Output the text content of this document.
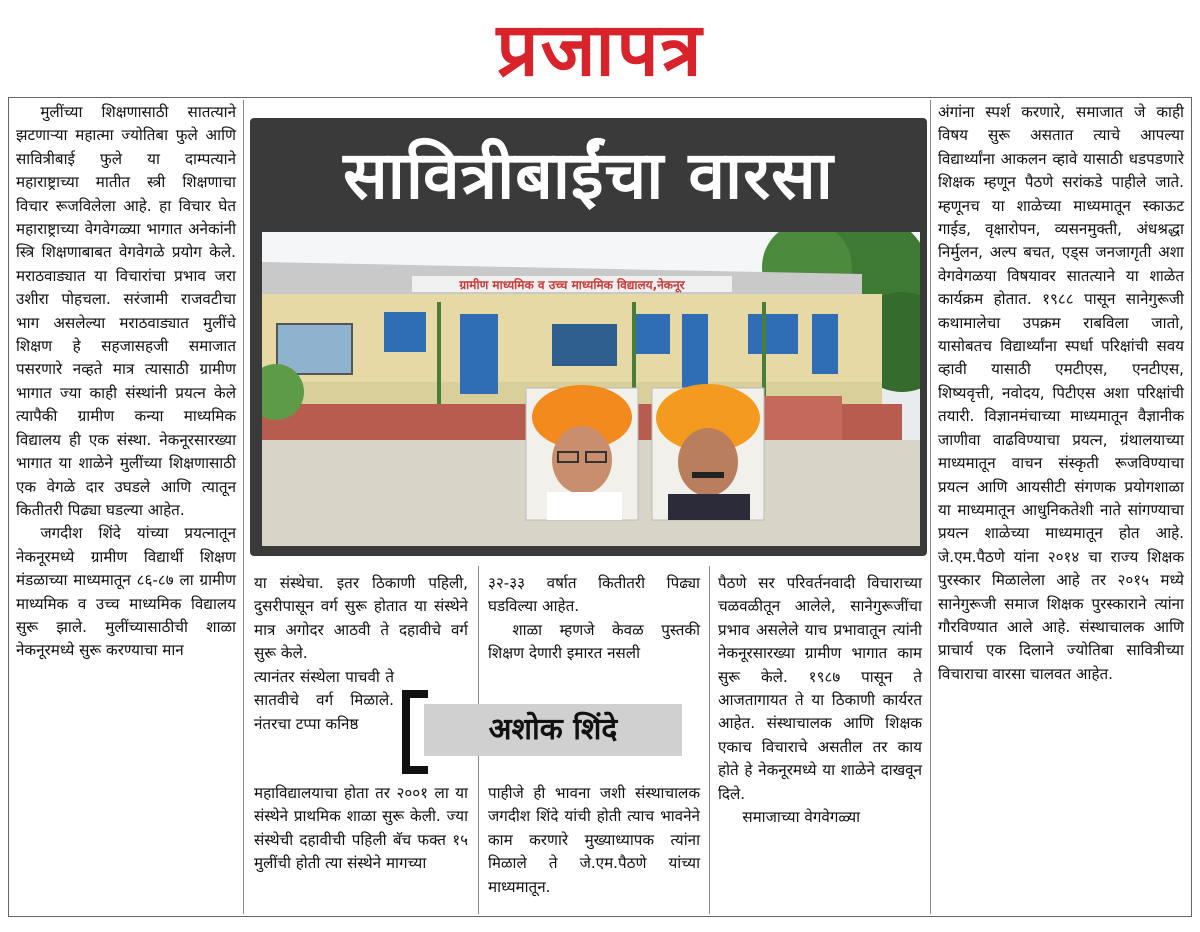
प्रजापत्र

मुलींच्या शिक्षणासाठी सातत्याने झटणाऱ्या महात्मा ज्योतिबा फुले आणि सावित्रीबाई फुले या दाम्पत्याने महाराष्ट्राच्या मातीत स्त्री शिक्षणाचा विचार रूजविलेला आहे. हा विचार घेत महाराष्ट्राच्या वेगवेगळ्या भागात अनेकांनी स्त्रि शिक्षणाबाबत वेगवेगळे प्रयोग केले. मराठवाड्यात या विचारांचा प्रभाव जरा उशीरा पोहचला. सरंजामी राजवटीचा भाग असलेल्या मराठवाड्यात मुलींचे शिक्षण हे सहजासहजी समाजात पसरणारे नव्हते मात्र त्यासाठी ग्रामीण भागात ज्या काही संस्थांनी प्रयत्न केले त्यापैकी ग्रामीण कन्या माध्यमिक विद्यालय ही एक संस्था. नेकनूरसारख्या भागात या शाळेने मुलींच्या शिक्षणासाठी एक वेगळे दार उघडले आणि त्यातून कितीतरी पिढ्या घडल्या आहेत.

जगदीश शिंदे यांच्या प्रयत्नातून नेकनूरमध्ये ग्रामीण विद्यार्थी शिक्षण मंडळाच्या माध्यमातून ८६-८७ ला ग्रामीण माध्यमिक व उच्च माध्यमिक विद्यालय सुरू झाले. मुलींच्यासाठीची शाळा नेकनूरमध्ये सुरू करण्याचा मान

सावित्रीबाईंचा वारसा
ग्रामीण माध्यमिक व उच्च माध्यमिक विद्यालय,नेकनूर

या संस्थेचा. इतर ठिकाणी पहिली, दुसरीपासून वर्ग सुरू होतात या संस्थेने मात्र अगोदर आठवी ते दहावीचे वर्ग सुरू केले.

त्यानंतर संस्थेला पाचवी ते सातवीचे वर्ग मिळाले. नंतरचा टप्पा कनिष्ठ

महाविद्यालयाचा होता तर २००१ ला या संस्थेने प्राथमिक शाळा सुरू केली. ज्या संस्थेची दहावीची पहिली बॅच फक्त १५ मुलींची होती त्या संस्थेने मागच्या

अशोक शिंदे

३२-३३ वर्षात कितीतरी पिढ्या घडविल्या आहेत.

शाळा म्हणजे केवळ पुस्तकी शिक्षण देणारी इमारत नसली

पाहीजे ही भावना जशी संस्थाचालक जगदीश शिंदे यांची होती त्याच भावनेने काम करणारे मुख्याध्यापक त्यांना मिळाले ते जे.एम.पैठणे यांच्या माध्यमातून.

पैठणे सर परिवर्तनवादी विचाराच्या चळवळीतून आलेले, सानेगुरूजींचा प्रभाव असलेले याच प्रभावातून त्यांनी नेकनूरसारख्या ग्रामीण भागात काम सुरू केले. १९८७ पासून ते आजतागायत ते या ठिकाणी कार्यरत आहेत. संस्थाचालक आणि शिक्षक एकाच विचाराचे असतील तर काय होते हे नेकनूरमध्ये या शाळेने दाखवून दिले.

समाजाच्या वेगवेगळ्या

अंगांना स्पर्श करणारे, समाजात जे काही विषय सुरू असतात त्याचे आपल्या विद्यार्थ्यांना आकलन व्हावे यासाठी धडपडणारे शिक्षक म्हणून पैठणे सरांकडे पाहीले जाते. म्हणूनच या शाळेच्या माध्यमातून स्काऊट गाईड, वृक्षारोपन, व्यसनमुक्ती, अंधश्रद्धा निर्मुलन, अल्प बचत, एड्स जनजागृती अशा वेगवेगळया विषयावर सातत्याने या शाळेत कार्यक्रम होतात. १९८८ पासून सानेगुरूजी कथामालेचा उपक्रम राबविला जातो, यासोबतच विद्यार्थ्यांना स्पर्धा परिक्षांची सवय व्हावी यासाठी एमटीएस, एनटीएस, शिष्यवृत्ती, नवोदय, पिटीएस अशा परिक्षांची तयारी. विज्ञानमंचाच्या माध्यमातून वैज्ञानीक जाणीवा वाढविण्याचा प्रयत्न, ग्रंथालयाच्या माध्यमातून वाचन संस्कृती रूजविण्याचा प्रयत्न आणि आयसीटी संगणक प्रयोगशाळा या माध्यमातून आधुनिकतेशी नाते सांगण्याचा प्रयत्न शाळेच्या माध्यमातून होत आहे. जे.एम.पैठणे यांना २०१४ चा राज्य शिक्षक पुरस्कार मिळालेला आहे तर २०१५ मध्ये सानेगुरूजी समाज शिक्षक पुरस्काराने त्यांना गौरविण्यात आले आहे. संस्थाचालक आणि प्राचार्य एक दिलाने ज्योतिबा सावित्रीच्या विचाराचा वारसा चालवत आहेत.
